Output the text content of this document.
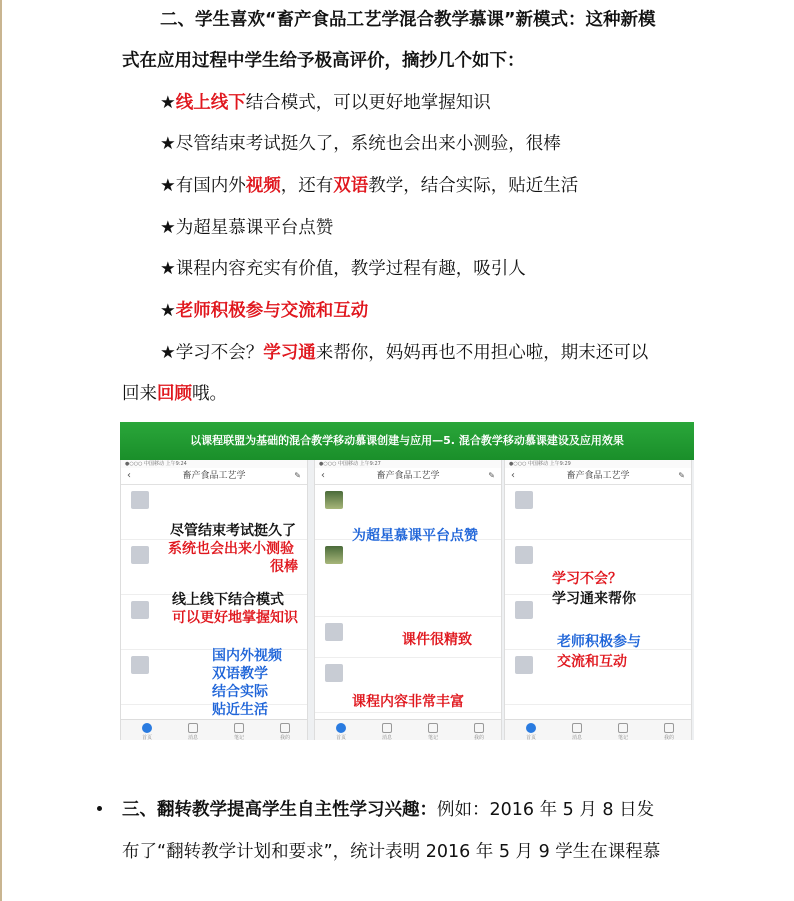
二、学生喜欢“畜产食品工艺学混合教学慕课”新模式：这种新模
式在应用过程中学生给予极高评价，摘抄几个如下：
★线上线下结合模式，可以更好地掌握知识
★尽管结束考试挺久了，系统也会出来小测验，很棒
★有国内外视频，还有双语教学，结合实际，贴近生活
★为超星慕课平台点赞
★课程内容充实有价值，教学过程有趣，吸引人
★老师积极参与交流和互动
★学习不会？学习通来帮你，妈妈再也不用担心啦，期末还可以
回来回顾哦。
以课程联盟为基础的混合教学移动慕课创建与应用—5. 混合教学移动慕课建设及应用效果
●○○○ 中国移动 上午9:24
‹	畜产食品工艺学	✎
首页	消息	笔记	我的
●○○○ 中国移动 上午9:27
‹	畜产食品工艺学	✎
首页	消息	笔记	我的
●○○○ 中国移动 上午9:29
‹	畜产食品工艺学	✎
首页	消息	笔记	我的
尽管结束考试挺久了
系统也会出来小测验
很棒
线上线下结合模式
可以更好地掌握知识
国内外视频
双语教学
结合实际
贴近生活
为超星慕课平台点赞
课件很精致
课程内容非常丰富
学习不会？
学习通来帮你
老师积极参与
交流和互动
三、翻转教学提高学生自主性学习兴趣：例如：2016 年 5 月 8 日发
布了“翻转教学计划和要求”，统计表明 2016 年 5 月 9 学生在课程慕
